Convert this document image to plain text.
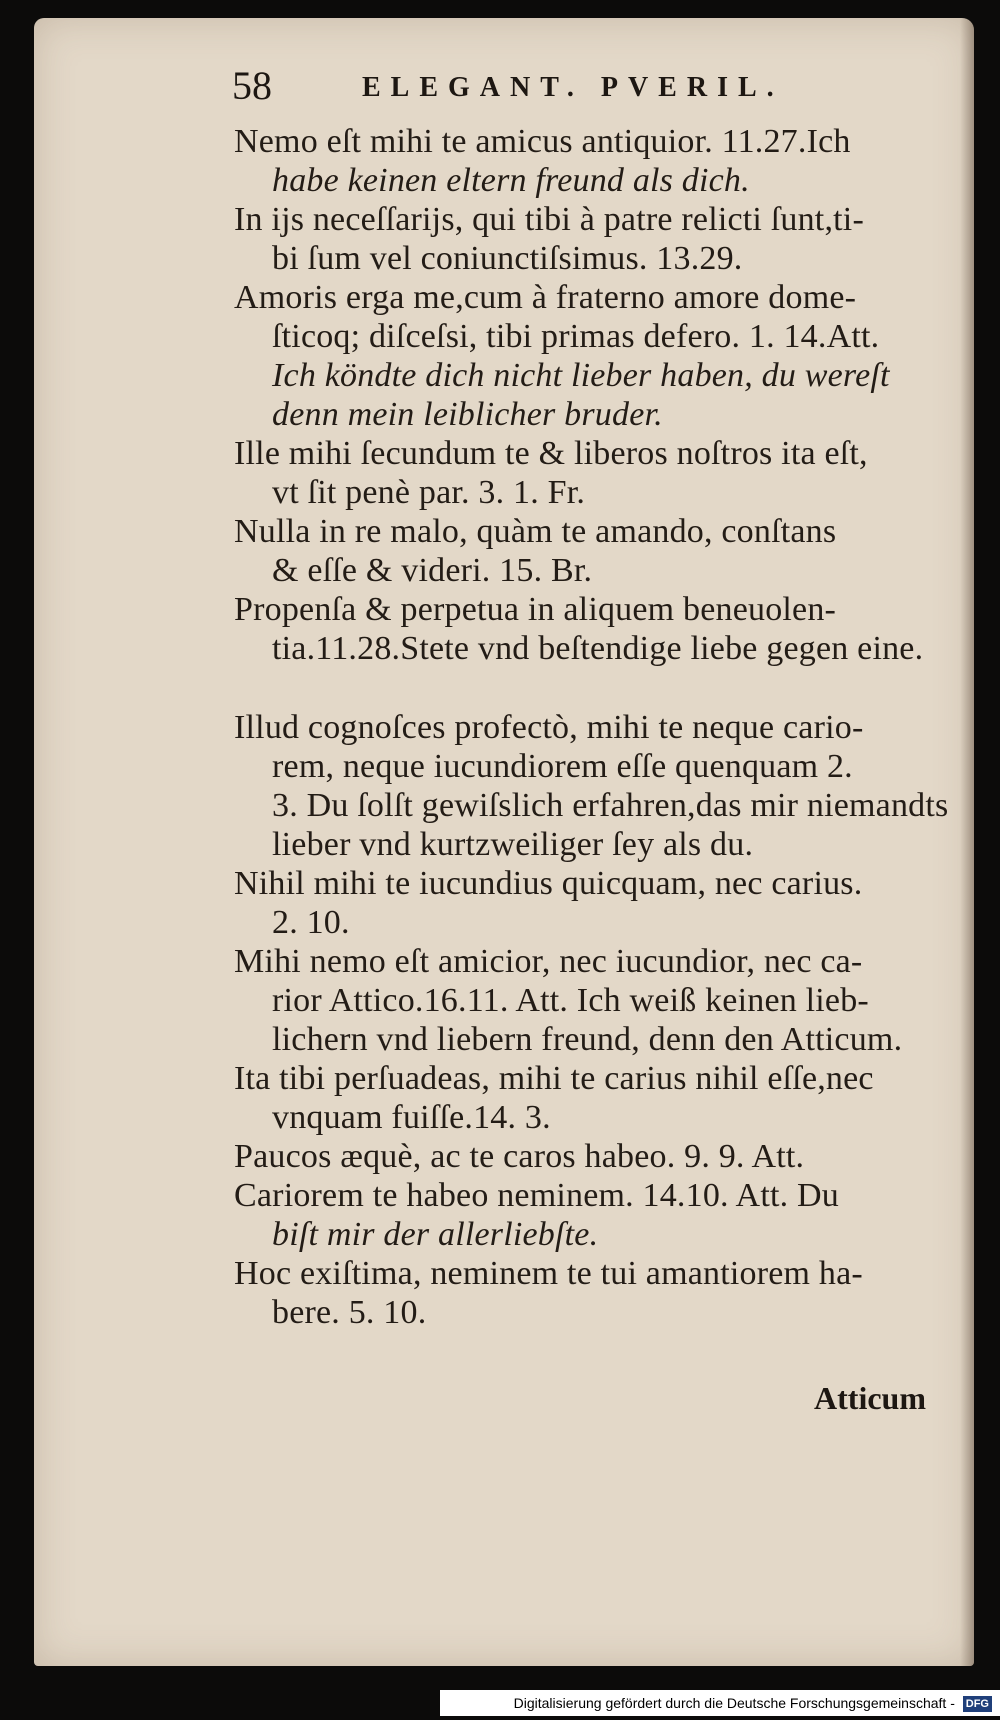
58	ELEGANT. PVERIL.
Nemo eſt mihi te amicus antiquior. 11.27.Ich
habe keinen eltern freund als dich.
In ijs neceſſarijs, qui tibi à patre relicti ſunt,ti-
bi ſum vel coniunctiſsimus. 13.29.
Amoris erga me,cum à fraterno amore dome-
ſticoq; diſceſsi, tibi primas defero. 1. 14.Att.
Ich köndte dich nicht lieber haben, du wereſt
denn mein leiblicher bruder.
Ille mihi ſecundum te & liberos noſtros ita eſt,
vt ſit penè par. 3. 1. Fr.
Nulla in re malo, quàm te amando, conſtans
& eſſe & videri. 15. Br.
Propenſa & perpetua in aliquem beneuolen-
tia.11.28.Stete vnd beſtendige liebe gegen eine.
Illud cognoſces profectò, mihi te neque cario-
rem, neque iucundiorem eſſe quenquam 2.
3. Du ſolſt gewiſslich erfahren,das mir niemandts
lieber vnd kurtzweiliger ſey als du.
Nihil mihi te iucundius quicquam, nec carius.
2. 10.
Mihi nemo eſt amicior, nec iucundior, nec ca-
rior Attico.16.11. Att. Ich weiß keinen lieb-
lichern vnd liebern freund, denn den Atticum.
Ita tibi perſuadeas, mihi te carius nihil eſſe,nec
vnquam fuiſſe.14. 3.
Paucos æquè, ac te caros habeo. 9. 9. Att.
Cariorem te habeo neminem. 14.10. Att. Du
biſt mir der allerliebſte.
Hoc exiſtima, neminem te tui amantiorem ha-
bere. 5. 10.
Atticum
Digitalisierung gefördert durch die Deutsche Forschungsgemeinschaft - DFG
